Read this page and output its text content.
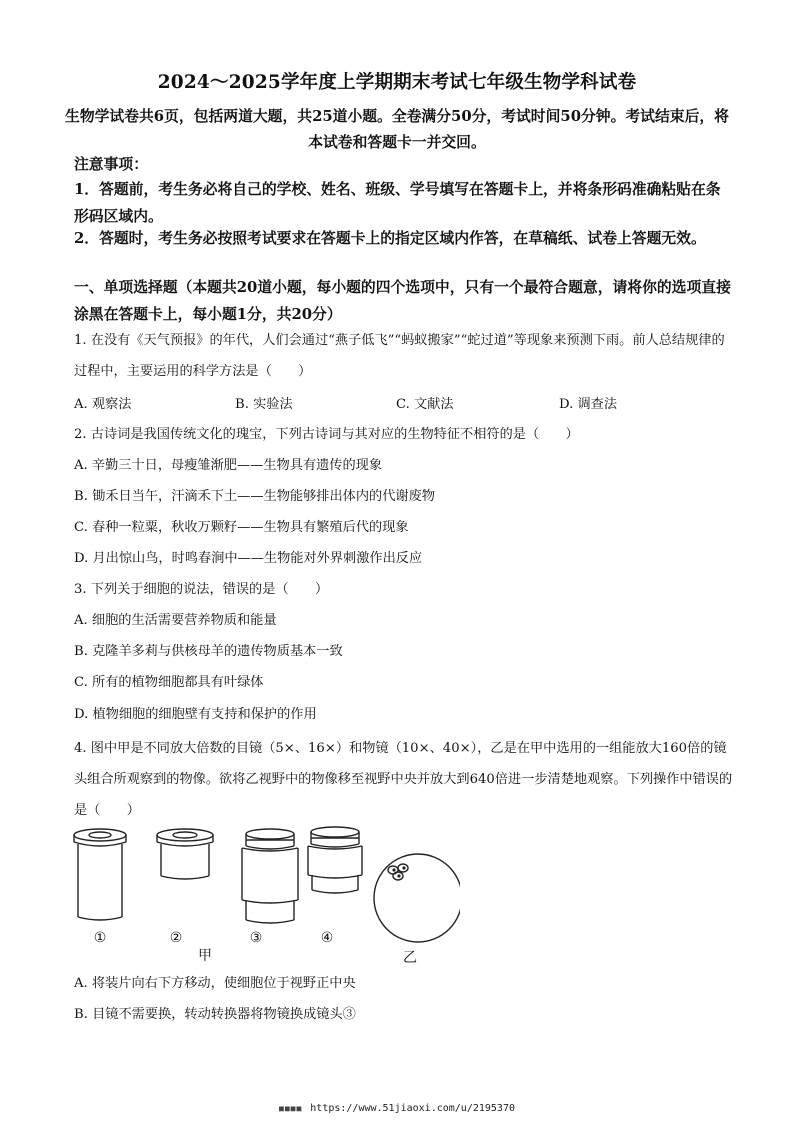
2024～2025学年度上学期期末考试七年级生物学科试卷
生物学试卷共6页，包括两道大题，共25道小题。全卷满分50分，考试时间50分钟。考试结束后，将本试卷和答题卡一并交回。
注意事项：
1．答题前，考生务必将自己的学校、姓名、班级、学号填写在答题卡上，并将条形码准确粘贴在条形码区域内。
2．答题时，考生务必按照考试要求在答题卡上的指定区域内作答，在草稿纸、试卷上答题无效。
一、单项选择题（本题共20道小题，每小题的四个选项中，只有一个最符合题意，请将你的选项直接涂黑在答题卡上，每小题1分，共20分）
1. 在没有《天气预报》的年代，人们会通过“燕子低飞”“蚂蚁搬家”“蛇过道”等现象来预测下雨。前人总结规律的过程中，主要运用的科学方法是（　　）
A. 观察法	B. 实验法	C. 文献法	D. 调查法
2. 古诗词是我国传统文化的瑰宝，下列古诗词与其对应的生物特征不相符的是（　　）
A. 辛勤三十日，母瘦雏渐肥——生物具有遗传的现象
B. 锄禾日当午，汗滴禾下土——生物能够排出体内的代谢废物
C. 春种一粒粟，秋收万颗籽——生物具有繁殖后代的现象
D. 月出惊山鸟，时鸣春涧中——生物能对外界刺激作出反应
3. 下列关于细胞的说法，错误的是（　　）
A. 细胞的生活需要营养物质和能量
B. 克隆羊多莉与供核母羊的遗传物质基本一致
C. 所有的植物细胞都具有叶绿体
D. 植物细胞的细胞壁有支持和保护的作用
4. 图中甲是不同放大倍数的目镜（5×、16×）和物镜（10×、40×），乙是在甲中选用的一组能放大160倍的镜头组合所观察到的物像。欲将乙视野中的物像移至视野中央并放大到640倍进一步清楚地观察。下列操作中错误的是（　　）
①	②	③	④
甲	乙
A. 将装片向右下方移动，使细胞位于视野正中央
B. 目镜不需要换，转动转换器将物镜换成镜头③
■■■■ https://www.51jiaoxi.com/u/2195370
